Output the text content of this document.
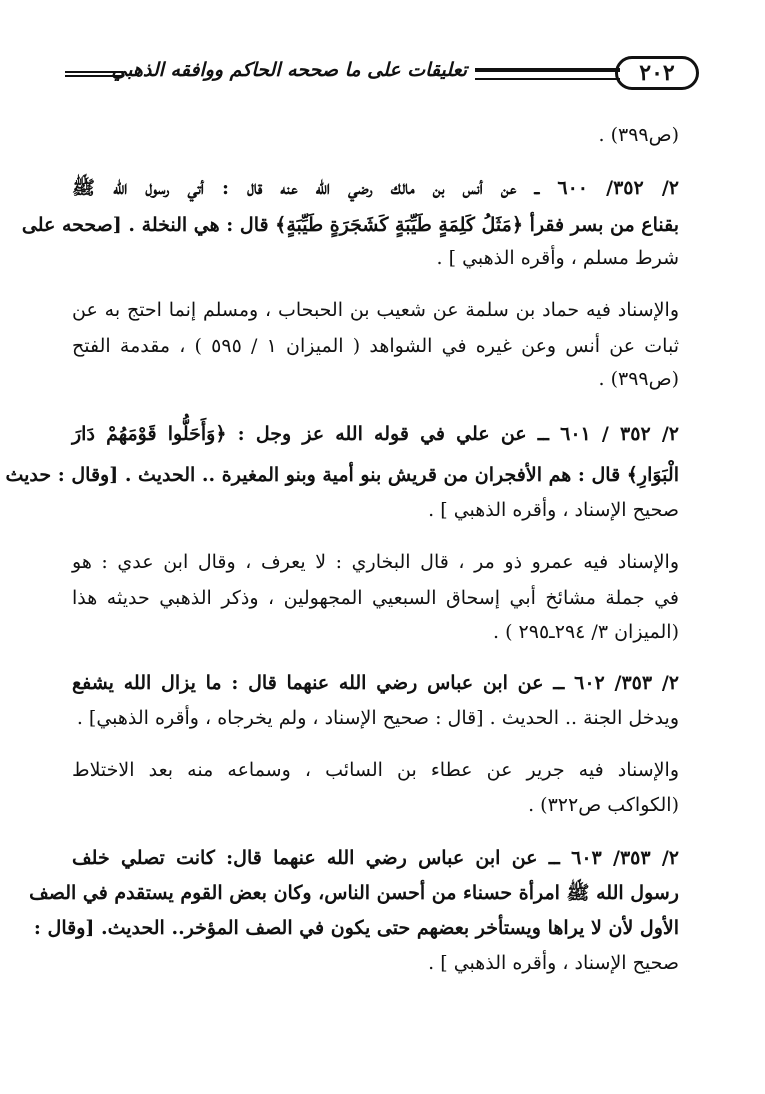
تعليقات على ما صححه الحاكم ووافقه الذهبي	٢٠٢
(ص٣٩٩) .
٢/ ٣٥٢/ ٦٠٠ ــ عن أنس بن مالك رضي الله عنه قال : أتي رسول الله ﷺ
بقناع من بسر فقرأ ﴿مَثَلُ كَلِمَةٍ طَيِّبَةٍ كَشَجَرَةٍ طَيِّبَةٍ﴾ قال : هي النخلة . [صححه على
شرط مسلم ، وأقره الذهبي ] .
والإسناد فيه حماد بن سلمة عن شعيب بن الحبحاب ، ومسلم إنما احتج به عن
ثبات عن أنس وعن غيره في الشواهد ( الميزان ١ / ٥٩٥ ) ، مقدمة الفتح
(ص٣٩٩) .
٢/ ٣٥٢ / ٦٠١ ــ عن علي في قوله الله عز وجل : ﴿وَأَحَلُّوا قَوْمَهُمْ دَارَ
الْبَوَارِ﴾ قال : هم الأفجران من قريش بنو أمية وبنو المغيرة .. الحديث . [وقال : حديث
صحيح الإسناد ، وأقره الذهبي ] .
والإسناد فيه عمرو ذو مر ، قال البخاري : لا يعرف ، وقال ابن عدي : هو
في جملة مشائخ أبي إسحاق السبعيي المجهولين ، وذكر الذهبي حديثه هذا
(الميزان ٣/ ٢٩٤ـ٢٩٥ ) .
٢/ ٣٥٣/ ٦٠٢ ــ عن ابن عباس رضي الله عنهما قال : ما يزال الله يشفع
ويدخل الجنة .. الحديث . [قال : صحيح الإسناد ، ولم يخرجاه ، وأقره الذهبي] .
والإسناد فيه جرير عن عطاء بن السائب ، وسماعه منه بعد الاختلاط
(الكواكب ص٣٢٢) .
٢/ ٣٥٣/ ٦٠٣ ــ عن ابن عباس رضي الله عنهما قال: كانت تصلي خلف
رسول الله ﷺ امرأة حسناء من أحسن الناس، وكان بعض القوم يستقدم في الصف
الأول لأن لا يراها ويستأخر بعضهم حتى يكون في الصف المؤخر.. الحديث. [وقال :
صحيح الإسناد ، وأقره الذهبي ] .
